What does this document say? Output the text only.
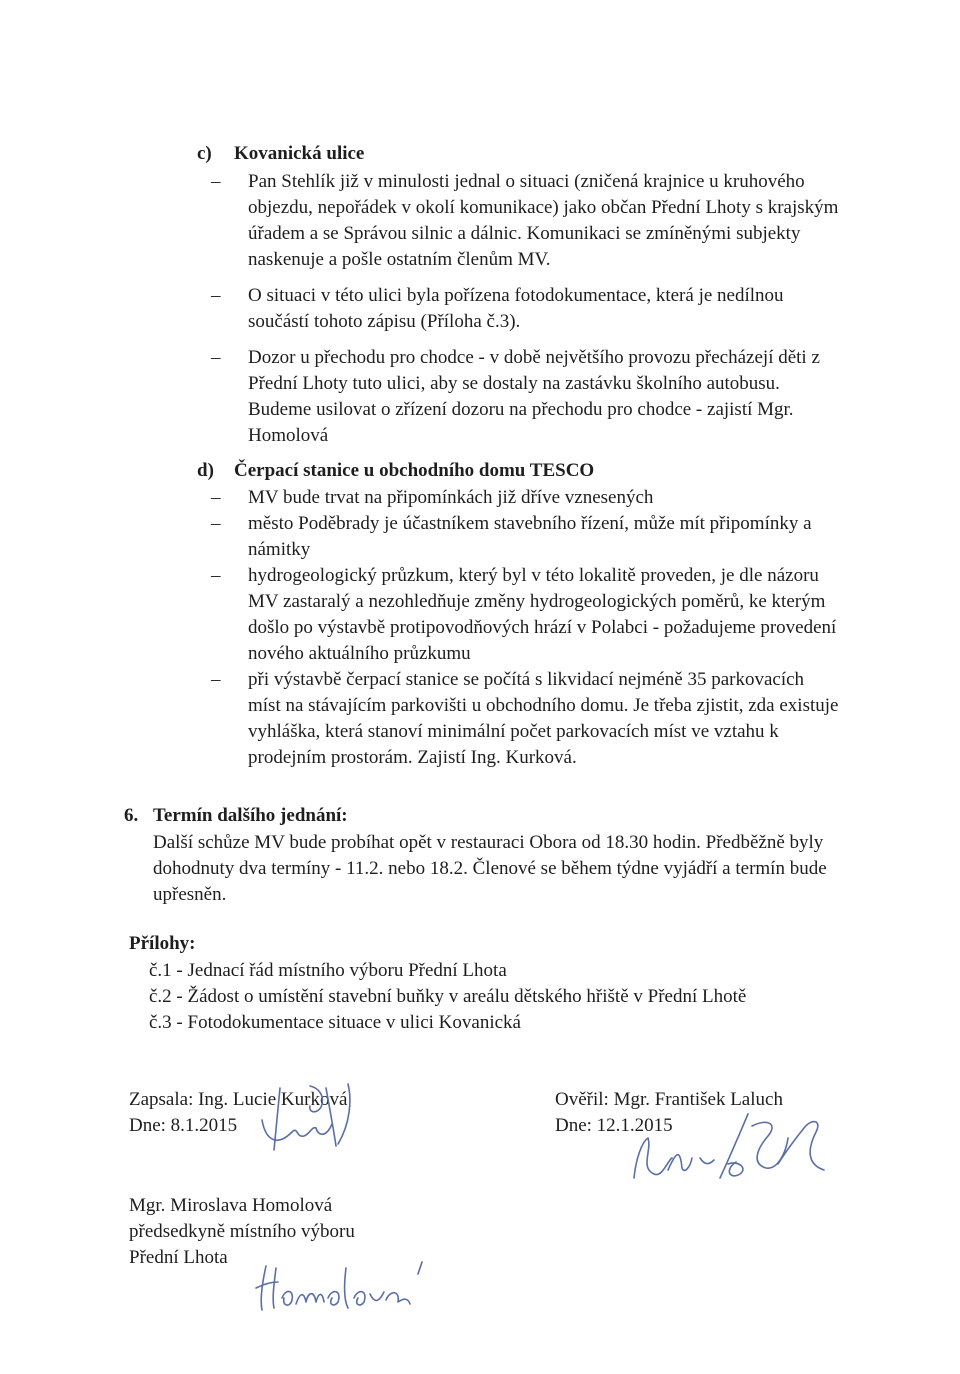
c) Kovanická ulice
– Pan Stehlík již v minulosti jednal o situaci (zničená krajnice u kruhového objezdu, nepořádek v okolí komunikace) jako občan Přední Lhoty s krajským úřadem a se Správou silnic a dálnic. Komunikaci se zmíněnými subjekty naskenuje a pošle ostatním členům MV.
– O situaci v této ulici byla pořízena fotodokumentace, která je nedílnou součástí tohoto zápisu (Příloha č.3).
– Dozor u přechodu pro chodce - v době největšího provozu přecházejí děti z Přední Lhoty tuto ulici, aby se dostaly na zastávku školního autobusu. Budeme usilovat o zřízení dozoru na přechodu pro chodce - zajistí Mgr. Homolová
d) Čerpací stanice u obchodního domu TESCO
– MV bude trvat na připomínkách již dříve vznesených
– město Poděbrady je účastníkem stavebního řízení, může mít připomínky a námitky
– hydrogeologický průzkum, který byl v této lokalitě proveden, je dle názoru MV zastaralý a nezohledňuje změny hydrogeologických poměrů, ke kterým došlo po výstavbě protipovodňových hrází v Polabci - požadujeme provedení nového aktuálního průzkumu
– při výstavbě čerpací stanice se počítá s likvidací nejméně 35 parkovacích míst na stávajícím parkovišti u obchodního domu. Je třeba zjistit, zda existuje vyhláška, která stanoví minimální počet parkovacích míst ve vztahu k prodejním prostorám. Zajistí Ing. Kurková.
6. Termín dalšího jednání:
Další schůze MV bude probíhat opět v restauraci Obora od 18.30 hodin. Předběžně byly dohodnuty dva termíny - 11.2. nebo 18.2. Členové se během týdne vyjádří a termín bude upřesněn.
Přílohy:
č.1 - Jednací řád místního výboru Přední Lhota
č.2 - Žádost o umístění stavební buňky v areálu dětského hřiště v Přední Lhotě
č.3 - Fotodokumentace situace v ulici Kovanická
Zapsala: Ing. Lucie Kurková
Dne: 8.1.2015
Ověřil: Mgr. František Laluch
Dne: 12.1.2015
Mgr. Miroslava Homolová
předsedkyně místního výboru
Přední Lhota
